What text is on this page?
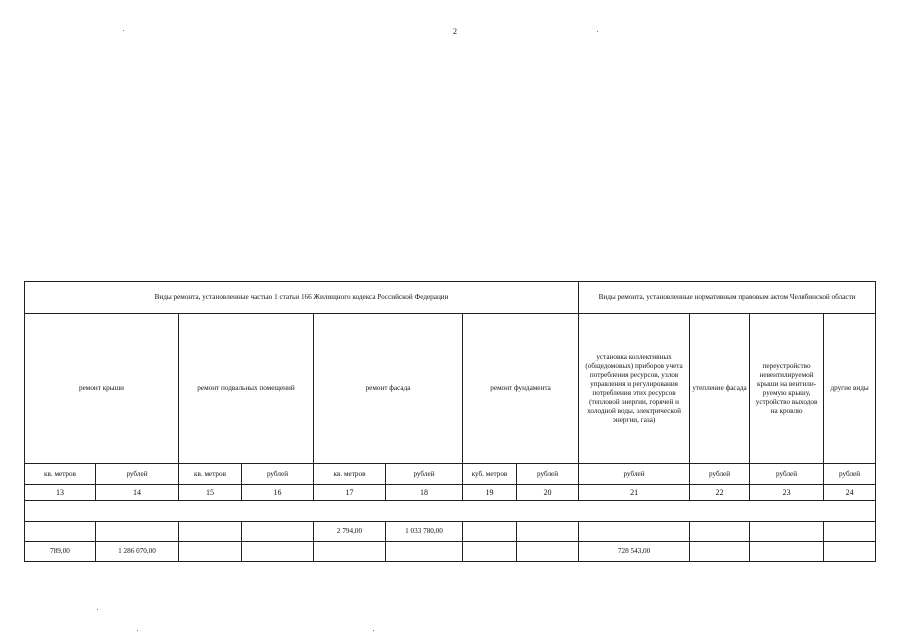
2
Виды ремонта, установленные частью 1 статьи 166 Жилищного кодекса Российской Федерации								Виды ремонта, установленные нормативным правовым актом Челябинской области			
ремонт крыши		ремонт подвальных помещений		ремонт фасада		ремонт фундамента		установка коллективных (общедомовых) приборов учета потребления ресурсов, узлов управления и регулирования потребления этих ресурсов (тепловой энергии, горячей и холодной воды, электрической энергии, газа)	утепление фасада	переустройство невентилируемой крыши на вентили-руемую крышу, устройство выходов на кровлю	другие виды
кв. метров	рублей	кв. метров	рублей	кв. метров	рублей	куб. метров	рублей	рублей	рублей	рублей	рублей
13	14	15	16	17	18	19	20	21	22	23	24

				2 794,00	1 033 780,00						
789,00	1 286 070,00							728 543,00			
